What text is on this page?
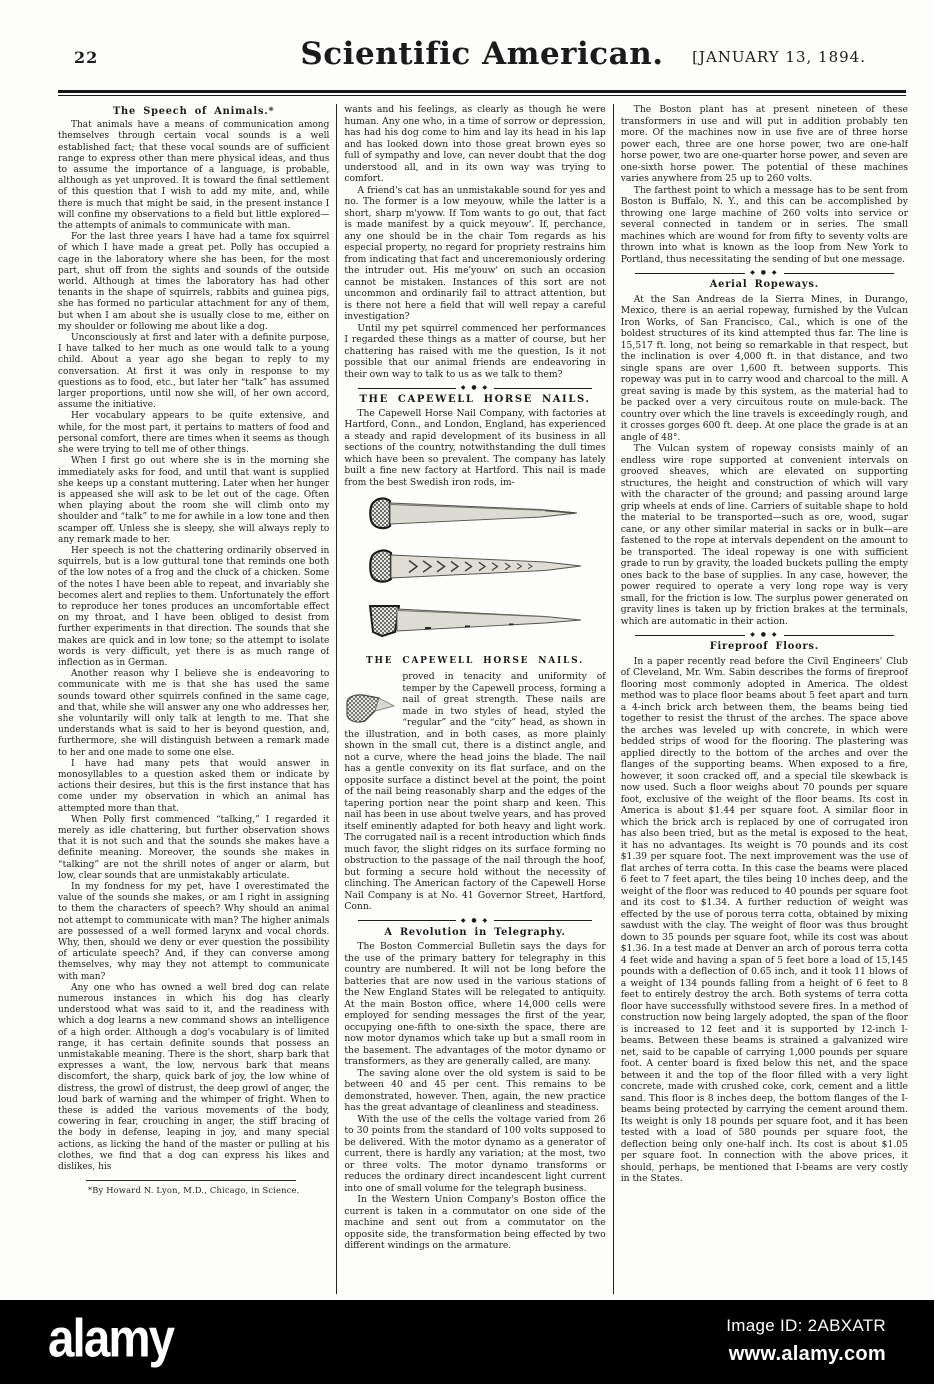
22	Scientific American.	[JANUARY 13, 1894.
The Speech of Animals.*

That animals have a means of communication among themselves through certain vocal sounds is a well established fact; that these vocal sounds are of sufficient range to express other than mere physical ideas, and thus to assume the importance of a language, is probable, although as yet unproved. It is toward the final settlement of this question that I wish to add my mite, and, while there is much that might be said, in the present instance I will confine my observations to a field but little explored—the attempts of animals to communicate with man.

For the last three years I have had a tame fox squirrel of which I have made a great pet. Polly has occupied a cage in the laboratory where she has been, for the most part, shut off from the sights and sounds of the outside world. Although at times the laboratory has had other tenants in the shape of squirrels, rabbits and guinea pigs, she has formed no particular attachment for any of them, but when I am about she is usually close to me, either on my shoulder or following me about like a dog.

Unconsciously at first and later with a definite purpose, I have talked to her much as one would talk to a young child. About a year ago she began to reply to my conversation. At first it was only in response to my questions as to food, etc., but later her “talk” has assumed larger proportions, until now she will, of her own accord, assume the initiative.

Her vocabulary appears to be quite extensive, and while, for the most part, it pertains to matters of food and personal comfort, there are times when it seems as though she were trying to tell me of other things.

When I first go out where she is in the morning she immediately asks for food, and until that want is supplied she keeps up a constant muttering. Later when her hunger is appeased she will ask to be let out of the cage. Often when playing about the room she will climb onto my shoulder and “talk” to me for awhile in a low tone and then scamper off. Unless she is sleepy, she will always reply to any remark made to her.

Her speech is not the chattering ordinarily observed in squirrels, but is a low guttural tone that reminds one both of the low notes of a frog and the cluck of a chicken. Some of the notes I have been able to repeat, and invariably she becomes alert and replies to them. Unfortunately the effort to reproduce her tones produces an uncomfortable effect on my throat, and I have been obliged to desist from further experiments in that direction. The sounds that she makes are quick and in low tone; so the attempt to isolate words is very difficult, yet there is as much range of inflection as in German.

Another reason why I believe she is endeavoring to communicate with me is that she has used the same sounds toward other squirrels confined in the same cage, and that, while she will answer any one who addresses her, she voluntarily will only talk at length to me. That she understands what is said to her is beyond question, and, furthermore, she will distinguish between a remark made to her and one made to some one else.

I have had many pets that would answer in monosyllables to a question asked them or indicate by actions their desires, but this is the first instance that has come under my observation in which an animal has attempted more than that.

When Polly first commenced “talking,” I regarded it merely as idle chattering, but further observation shows that it is not such and that the sounds she makes have a definite meaning. Moreover, the sounds she makes in “talking” are not the shrill notes of anger or alarm, but low, clear sounds that are unmistakably articulate.

In my fondness for my pet, have I overestimated the value of the sounds she makes, or am I right in assigning to them the characters of speech? Why should an animal not attempt to communicate with man? The higher animals are possessed of a well formed larynx and vocal chords. Why, then, should we deny or ever question the possibility of articulate speech? And, if they can converse among themselves, why may they not attempt to communicate with man?

Any one who has owned a well bred dog can relate numerous instances in which his dog has clearly understood what was said to it, and the readiness with which a dog learns a new command shows an intelligence of a high order. Although a dog's vocabulary is of limited range, it has certain definite sounds that possess an unmistakable meaning. There is the short, sharp bark that expresses a want, the low, nervous bark that means discomfort, the sharp, quick bark of joy, the low whine of distress, the growl of distrust, the deep growl of anger, the loud bark of warning and the whimper of fright. When to these is added the various movements of the body, cowering in fear, crouching in anger, the stiff bracing of the body in defense, leaping in joy, and many special actions, as licking the hand of the master or pulling at his clothes, we find that a dog can express his likes and dislikes, his

*By Howard N. Lyon, M.D., Chicago, in Science.

wants and his feelings, as clearly as though he were human. Any one who, in a time of sorrow or depression, has had his dog come to him and lay its head in his lap and has looked down into those great brown eyes so full of sympathy and love, can never doubt that the dog understood all, and in its own way was trying to comfort.

A friend's cat has an unmistakable sound for yes and no. The former is a low meyouw, while the latter is a short, sharp m'yoww. If Tom wants to go out, that fact is made manifest by a quick meyouw'. If, perchance, any one should be in the chair Tom regards as his especial property, no regard for propriety restrains him from indicating that fact and unceremoniously ordering the intruder out. His me'youw' on such an occasion cannot be mistaken. Instances of this sort are not uncommon and ordinarily fail to attract attention, but is there not here a field that will well repay a careful investigation?

Until my pet squirrel commenced her performances I regarded these things as a matter of course, but her chattering has raised with me the question, Is it not possible that our animal friends are endeavoring in their own way to talk to us as we talk to them?

◆ ● ◆
THE CAPEWELL HORSE NAILS.

The Capewell Horse Nail Company, with factories at Hartford, Conn., and London, England, has experienced a steady and rapid development of its business in all sections of the country, notwithstanding the dull times which have been so prevalent. The company has lately built a fine new factory at Hartford. This nail is made from the best Swedish iron rods, im-

THE CAPEWELL HORSE NAILS.

proved in tenacity and uniformity of temper by the Capewell process, forming a nail of great strength. These nails are made in two styles of head, styled the “regular” and the “city” head, as shown in the illustration, and in both cases, as more plainly shown in the small cut, there is a distinct angle, and not a curve, where the head joins the blade. The nail has a gentle convexity on its flat surface, and on the opposite surface a distinct bevel at the point, the point of the nail being reasonably sharp and the edges of the tapering portion near the point sharp and keen. This nail has been in use about twelve years, and has proved itself eminently adapted for both heavy and light work. The corrugated nail is a recent introduction which finds much favor, the slight ridges on its surface forming no obstruction to the passage of the nail through the hoof, but forming a secure hold without the necessity of clinching. The American factory of the Capewell Horse Nail Company is at No. 41 Governor Street, Hartford, Conn.

◆ ● ◆
A Revolution in Telegraphy.

The Boston Commercial Bulletin says the days for the use of the primary battery for telegraphy in this country are numbered. It will not be long before the batteries that are now used in the various stations of the New England States will be relegated to antiquity. At the main Boston office, where 14,000 cells were employed for sending messages the first of the year, occupying one-fifth to one-sixth the space, there are now motor dynamos which take up but a small room in the basement. The advantages of the motor dynamo or transformers, as they are generally called, are many.

The saving alone over the old system is said to be between 40 and 45 per cent. This remains to be demonstrated, however. Then, again, the new practice has the great advantage of cleanliness and steadiness.

With the use of the cells the voltage varied from 26 to 30 points from the standard of 100 volts supposed to be delivered. With the motor dynamo as a generator of current, there is hardly any variation; at the most, two or three volts. The motor dynamo transforms or reduces the ordinary direct incandescent light current into one of small volume for the telegraph business.

In the Western Union Company's Boston office the current is taken in a commutator on one side of the machine and sent out from a commutator on the opposite side, the transformation being effected by two different windings on the armature.

The Boston plant has at present nineteen of these transformers in use and will put in addition probably ten more. Of the machines now in use five are of three horse power each, three are one horse power, two are one-half horse power, two are one-quarter horse power, and seven are one-sixth horse power. The potential of these machines varies anywhere from 25 up to 260 volts.

The farthest point to which a message has to be sent from Boston is Buffalo, N. Y., and this can be accomplished by throwing one large machine of 260 volts into service or several connected in tandem or in series. The small machines which are wound for from fifty to seventy volts are thrown into what is known as the loop from New York to Portland, thus necessitating the sending of but one message.

◆ ● ◆
Aerial Ropeways.

At the San Andreas de la Sierra Mines, in Durango, Mexico, there is an aerial ropeway, furnished by the Vulcan Iron Works, of San Francisco, Cal., which is one of the boldest structures of its kind attempted thus far. The line is 15,517 ft. long, not being so remarkable in that respect, but the inclination is over 4,000 ft. in that distance, and two single spans are over 1,600 ft. between supports. This ropeway was put in to carry wood and charcoal to the mill. A great saving is made by this system, as the material had to be packed over a very circuitous route on mule-back. The country over which the line travels is exceedingly rough, and it crosses gorges 600 ft. deep. At one place the grade is at an angle of 48°.

The Vulcan system of ropeway consists mainly of an endless wire rope supported at convenient intervals on grooved sheaves, which are elevated on supporting structures, the height and construction of which will vary with the character of the ground; and passing around large grip wheels at ends of line. Carriers of suitable shape to hold the material to be transported—such as ore, wood, sugar cane, or any other similar material in sacks or in bulk—are fastened to the rope at intervals dependent on the amount to be transported. The ideal ropeway is one with sufficient grade to run by gravity, the loaded buckets pulling the empty ones back to the base of supplies. In any case, however, the power required to operate a very long rope way is very small, for the friction is low. The surplus power generated on gravity lines is taken up by friction brakes at the terminals, which are automatic in their action.

◆ ● ◆
Fireproof Floors.

In a paper recently read before the Civil Engineers' Club of Cleveland, Mr. Wm. Sabin describes the forms of fireproof flooring most commonly adopted in America. The oldest method was to place floor beams about 5 feet apart and turn a 4-inch brick arch between them, the beams being tied together to resist the thrust of the arches. The space above the arches was leveled up with concrete, in which were bedded strips of wood for the flooring. The plastering was applied directly to the bottom of the arches and over the flanges of the supporting beams. When exposed to a fire, however, it soon cracked off, and a special tile skewback is now used. Such a floor weighs about 70 pounds per square foot, exclusive of the weight of the floor beams. Its cost in America is about $1.44 per square foot. A similar floor in which the brick arch is replaced by one of corrugated iron has also been tried, but as the metal is exposed to the heat, it has no advantages. Its weight is 70 pounds and its cost $1.39 per square foot. The next improvement was the use of flat arches of terra cotta. In this case the beams were placed 6 feet to 7 feet apart, the tiles being 10 inches deep, and the weight of the floor was reduced to 40 pounds per square foot and its cost to $1.34. A further reduction of weight was effected by the use of porous terra cotta, obtained by mixing sawdust with the clay. The weight of floor was thus brought down to 35 pounds per square foot, while its cost was about $1.36. In a test made at Denver an arch of porous terra cotta 4 feet wide and having a span of 5 feet bore a load of 15,145 pounds with a deflection of 0.65 inch, and it took 11 blows of a weight of 134 pounds falling from a height of 6 feet to 8 feet to entirely destroy the arch. Both systems of terra cotta floor have successfully withstood severe fires. In a method of construction now being largely adopted, the span of the floor is increased to 12 feet and it is supported by 12-inch I-beams. Between these beams is strained a galvanized wire net, said to be capable of carrying 1,000 pounds per square foot. A center board is fixed below this net, and the space between it and the top of the floor filled with a very light concrete, made with crushed coke, cork, cement and a little sand. This floor is 8 inches deep, the bottom flanges of the I-beams being protected by carrying the cement around them. Its weight is only 18 pounds per square foot, and it has been tested with a load of 580 pounds per square foot, the deflection being only one-half inch. Its cost is about $1.05 per square foot. In connection with the above prices, it should, perhaps, be mentioned that I-beams are very costly in the States.

alamy	Image ID: 2ABXATR
www.alamy.com
